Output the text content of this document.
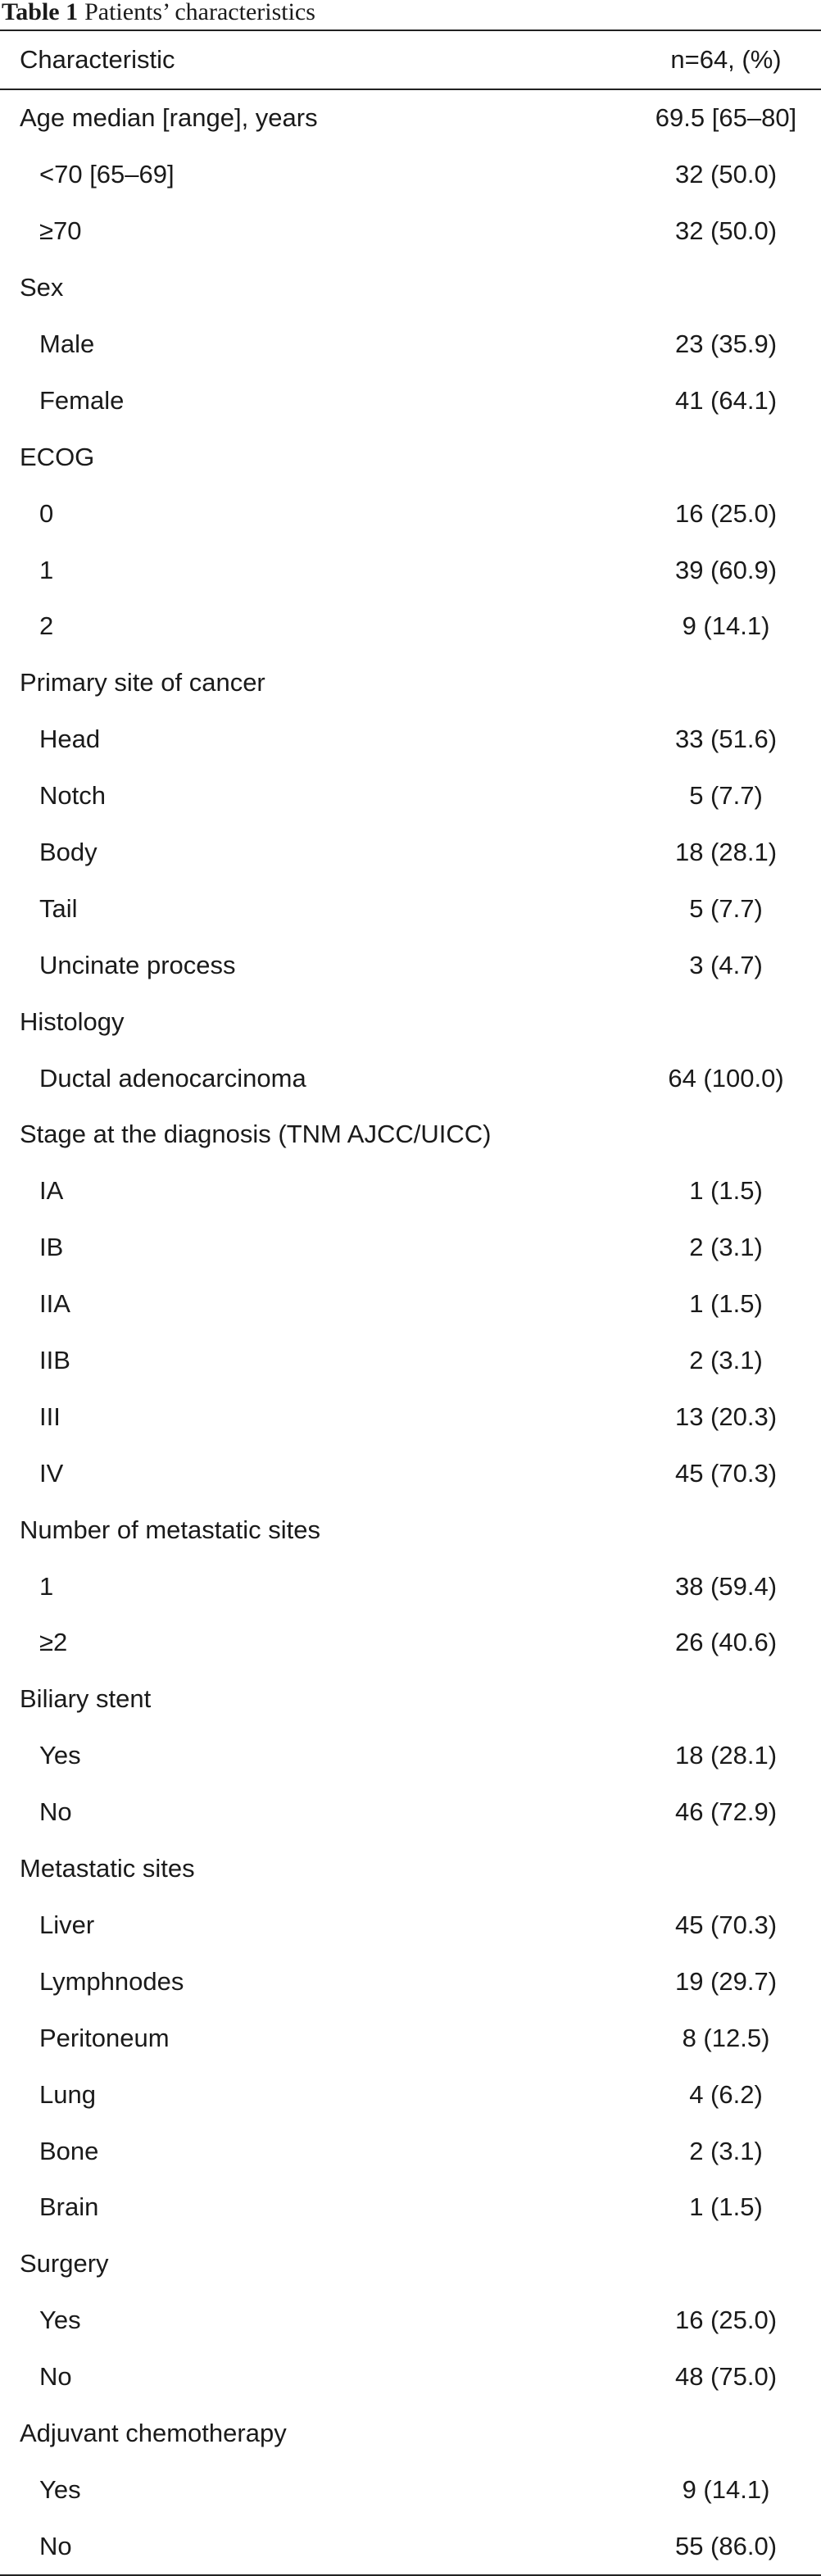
Table 1 Patients’ characteristics
Characteristic	n=64, (%)
Age median [range], years	69.5 [65–80]
<70 [65–69]	32 (50.0)
≥70	32 (50.0)
Sex
Male	23 (35.9)
Female	41 (64.1)
ECOG
0	16 (25.0)
1	39 (60.9)
2	9 (14.1)
Primary site of cancer
Head	33 (51.6)
Notch	5 (7.7)
Body	18 (28.1)
Tail	5 (7.7)
Uncinate process	3 (4.7)
Histology
Ductal adenocarcinoma	64 (100.0)
Stage at the diagnosis (TNM AJCC/UICC)
IA	1 (1.5)
IB	2 (3.1)
IIA	1 (1.5)
IIB	2 (3.1)
III	13 (20.3)
IV	45 (70.3)
Number of metastatic sites
1	38 (59.4)
≥2	26 (40.6)
Biliary stent
Yes	18 (28.1)
No	46 (72.9)
Metastatic sites
Liver	45 (70.3)
Lymphnodes	19 (29.7)
Peritoneum	8 (12.5)
Lung	4 (6.2)
Bone	2 (3.1)
Brain	1 (1.5)
Surgery
Yes	16 (25.0)
No	48 (75.0)
Adjuvant chemotherapy
Yes	9 (14.1)
No	55 (86.0)
